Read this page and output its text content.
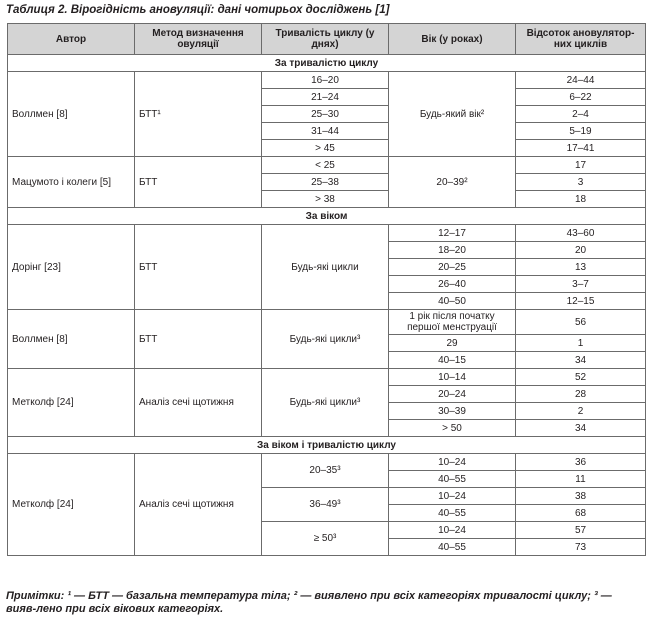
Таблиця 2. Вірогідність ановуляції: дані чотирьох досліджень [1]
Автор	Метод визначення овуляції	Тривалість циклу (у днях)	Вік (у роках)	Відсоток ановулятор-них циклів
За тривалістю циклу				
Воллмен [8]	БТТ¹	16–20	Будь-який вік²	24–44
		21–24		6–22
		25–30		2–4
		31–44		5–19
		> 45		17–41
Мацумото і колеги [5]	БТТ	< 25	20–39²	17
		25–38		3
		> 38		18
За віком				
Дорінг [23]	БТТ	Будь-які цикли	12–17	43–60
			18–20	20
			20–25	13
			26–40	3–7
			40–50	12–15
Воллмен [8]	БТТ	Будь-які цикли³	1 рік після початку першої менструації	56
			29	1
			40–15	34
Метколф [24]	Аналіз сечі щотижня	Будь-які цикли³	10–14	52
			20–24	28
			30–39	2
			> 50	34
За віком і тривалістю циклу				
Метколф [24]	Аналіз сечі щотижня	20–35³	10–24	36
			40–55	11
		36–49³	10–24	38
			40–55	68
		≥ 50³	10–24	57
			40–55	73
Примітки: ¹ — БТТ — базальна температура тіла; ² — виявлено при всіх категоріях тривалості циклу; ³ — вияв-лено при всіх вікових категоріях.
